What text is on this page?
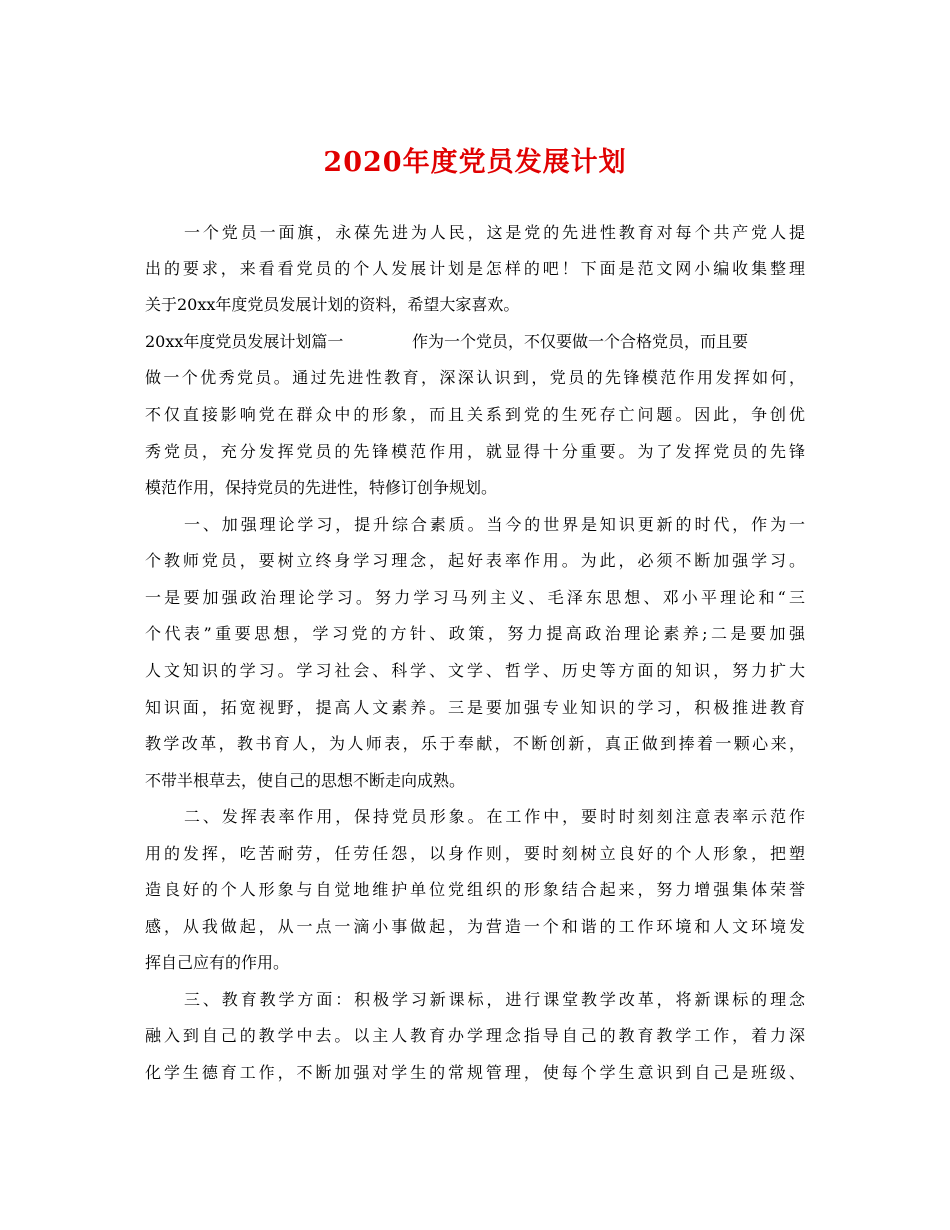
2020年度党员发展计划

一个党员一面旗，永葆先进为人民，这是党的先进性教育对每个共产党人提

出的要求，来看看党员的个人发展计划是怎样的吧！下面是范文网小编收集整理

关于20xx年度党员发展计划的资料，希望大家喜欢。

20xx年度党员发展计划篇一	作为一个党员，不仅要做一个合格党员，而且要

做一个优秀党员。通过先进性教育，深深认识到，党员的先锋模范作用发挥如何，

不仅直接影响党在群众中的形象，而且关系到党的生死存亡问题。因此，争创优

秀党员，充分发挥党员的先锋模范作用，就显得十分重要。为了发挥党员的先锋

模范作用，保持党员的先进性，特修订创争规划。

一、加强理论学习，提升综合素质。当今的世界是知识更新的时代，作为一

个教师党员，要树立终身学习理念，起好表率作用。为此，必须不断加强学习。

一是要加强政治理论学习。努力学习马列主义、毛泽东思想、邓小平理论和“三

个代表”重要思想，学习党的方针、政策，努力提高政治理论素养;二是要加强

人文知识的学习。学习社会、科学、文学、哲学、历史等方面的知识，努力扩大

知识面，拓宽视野，提高人文素养。三是要加强专业知识的学习，积极推进教育

教学改革，教书育人，为人师表，乐于奉献，不断创新，真正做到捧着一颗心来，

不带半根草去，使自己的思想不断走向成熟。

二、发挥表率作用，保持党员形象。在工作中，要时时刻刻注意表率示范作

用的发挥，吃苦耐劳，任劳任怨，以身作则，要时刻树立良好的个人形象，把塑

造良好的个人形象与自觉地维护单位党组织的形象结合起来，努力增强集体荣誉

感，从我做起，从一点一滴小事做起，为营造一个和谐的工作环境和人文环境发

挥自己应有的作用。

三、教育教学方面：积极学习新课标，进行课堂教学改革，将新课标的理念

融入到自己的教学中去。以主人教育办学理念指导自己的教育教学工作，着力深

化学生德育工作，不断加强对学生的常规管理，使每个学生意识到自己是班级、
